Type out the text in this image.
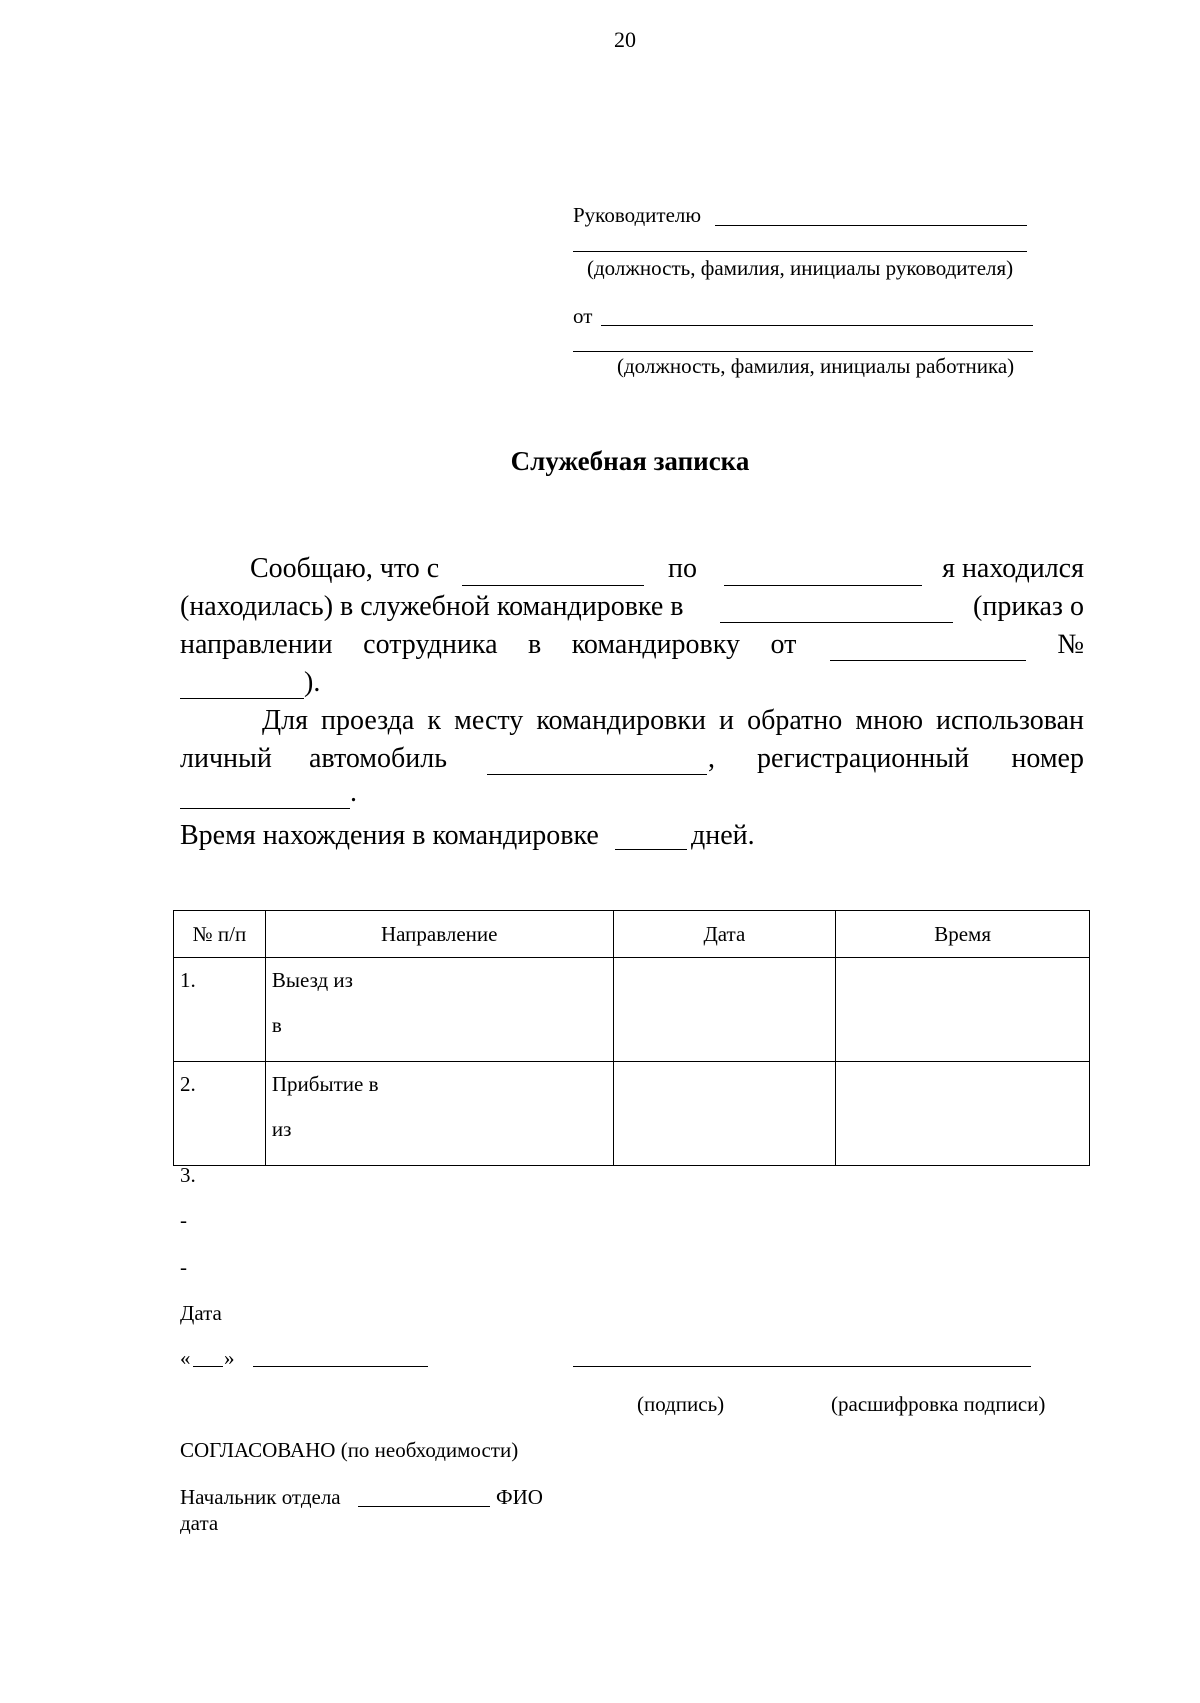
20
Руководителю
(должность, фамилия, инициалы руководителя)
от
(должность, фамилия, инициалы работника)
Служебная записка
Сообщаю, что с	по	я находился
(находилась) в служебной командировке в	(приказ о
направлении сотрудника в командировку от	№
).
Для проезда к месту командировки и обратно мною использован
личный автомобиль	, регистрационный номер
.
Время нахождения в командировке	дней.
№ п/п	Направление	Дата	Время
1.	Выезд из
в		

2.	Прибытие в
из		

3.
-
-
Дата
« »
(подпись)	(расшифровка подписи)
СОГЛАСОВАНО (по необходимости)
Начальник отдела	ФИО
дата
